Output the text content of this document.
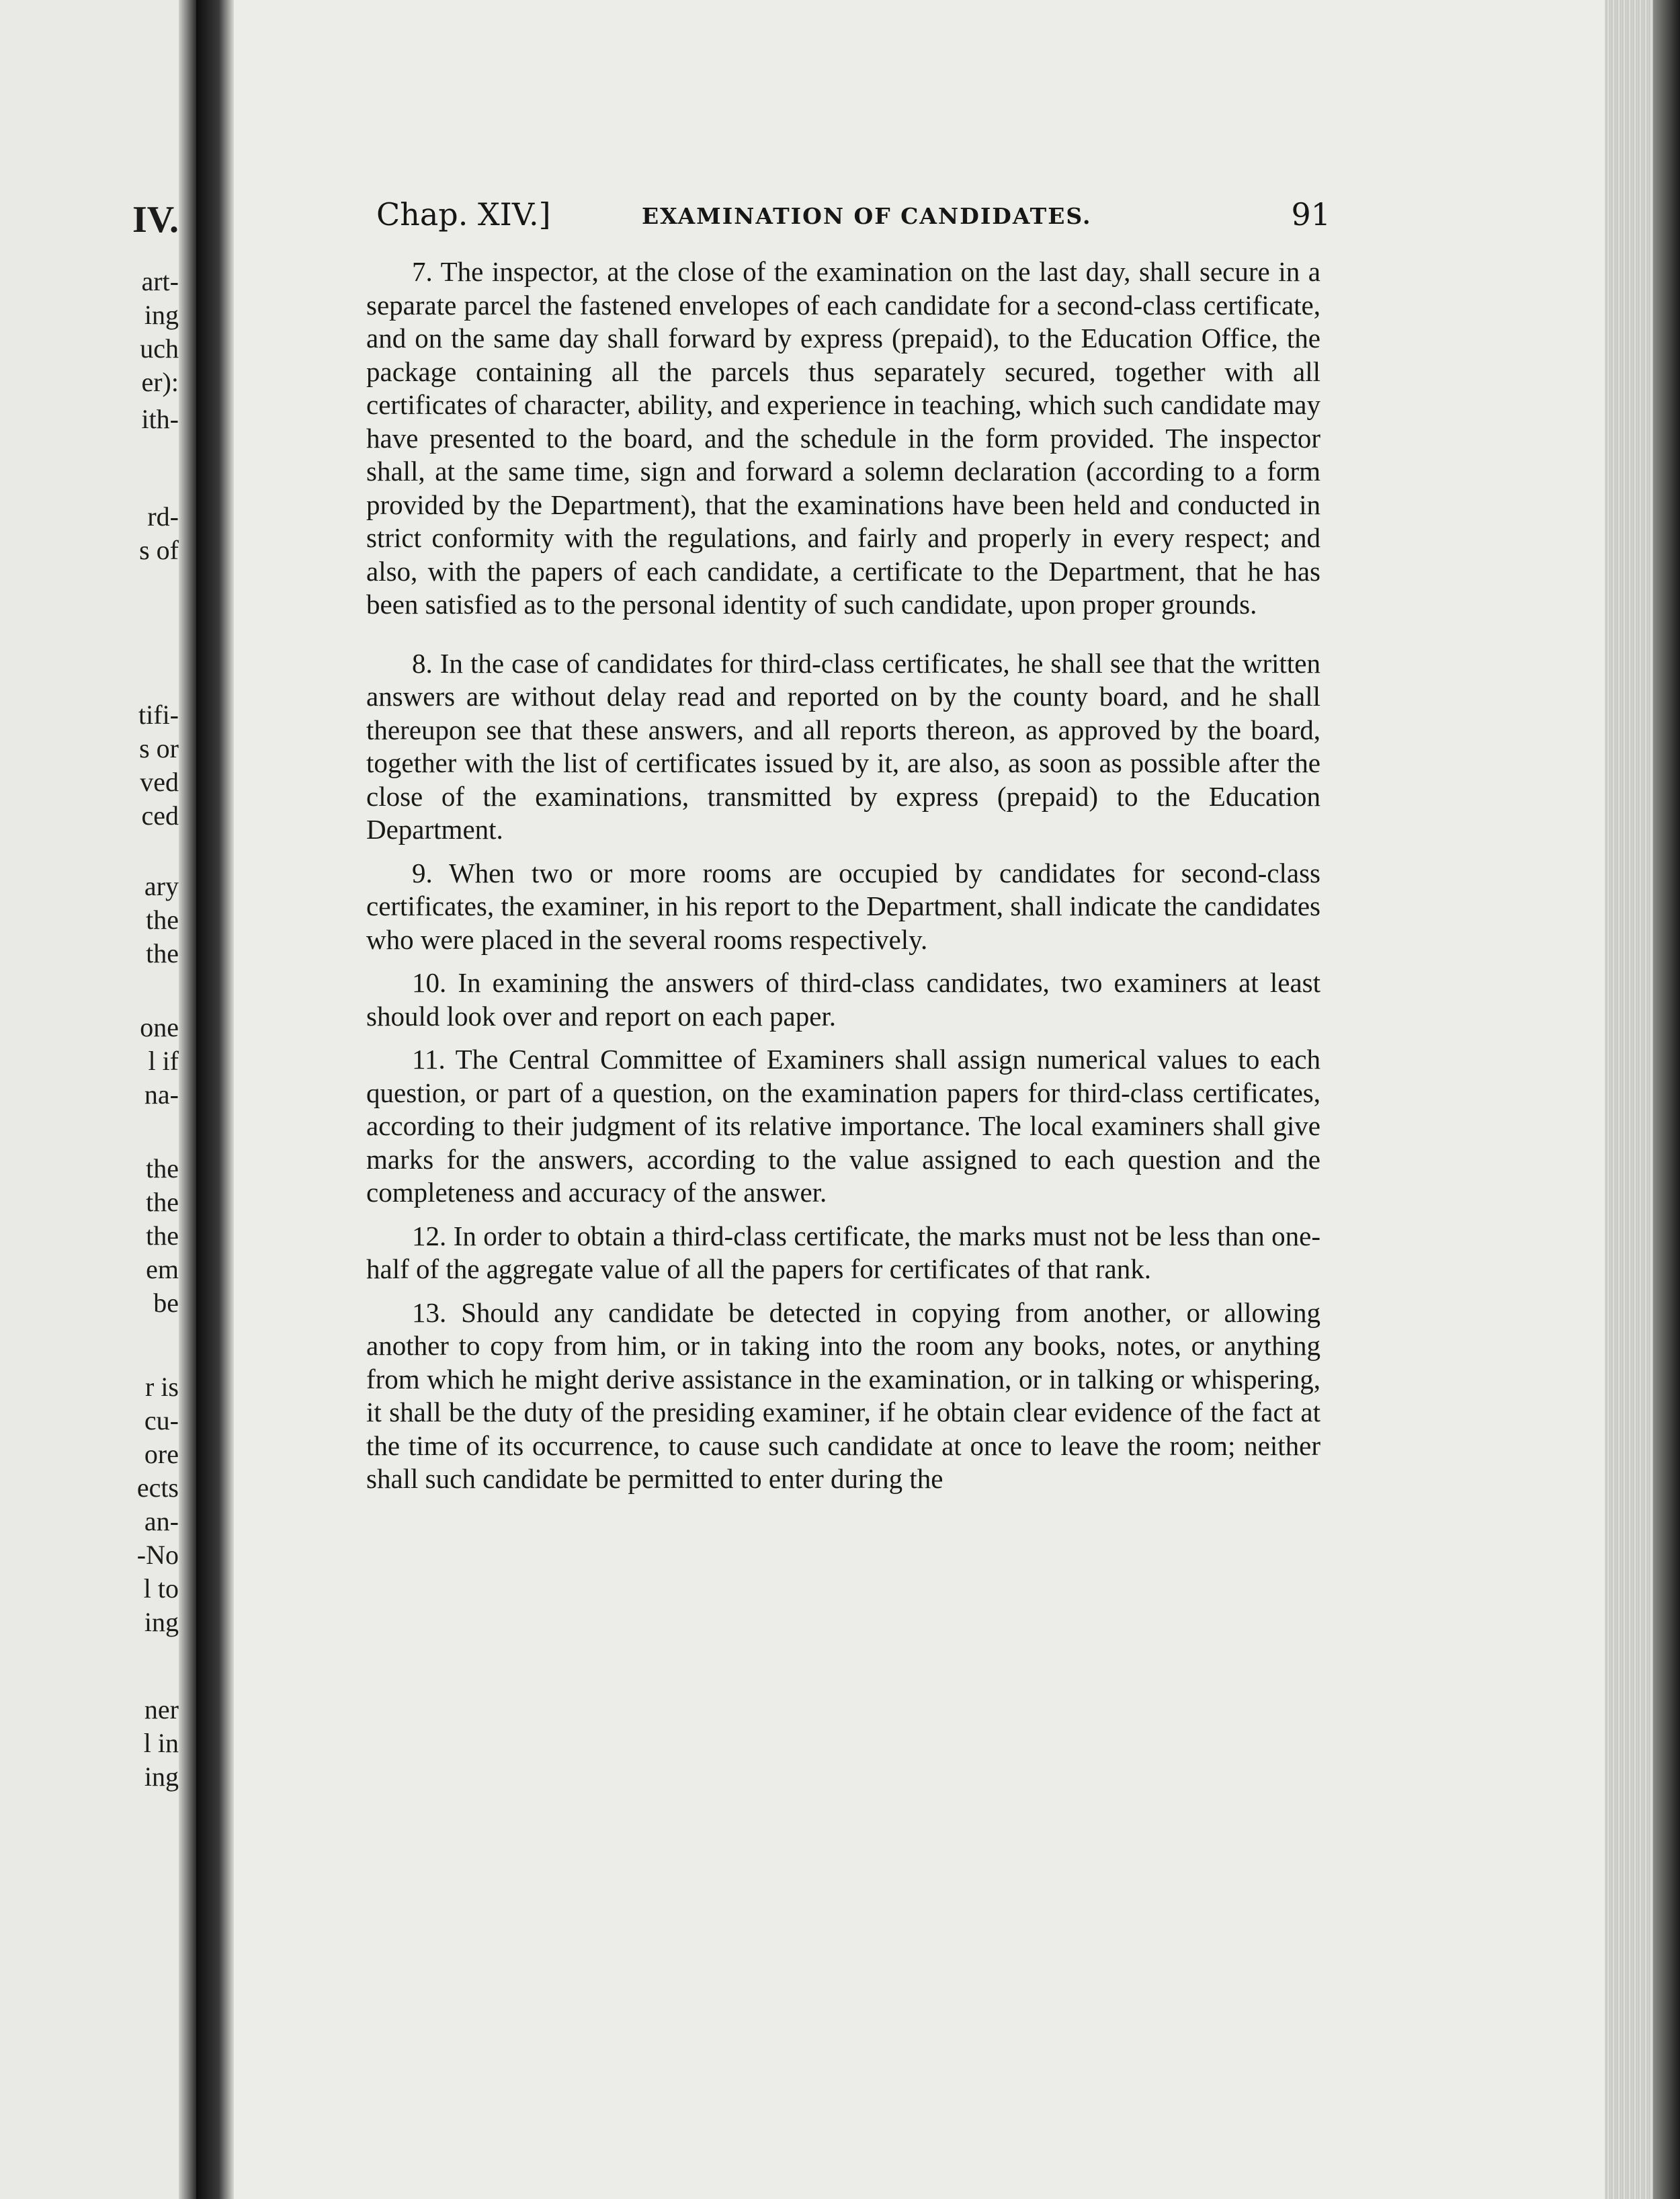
IV.
art-
ing
uch
er):
ith-
rd-
s of
tifi-
s or
ved
ced
ary
the
the
one
l if
na-
the
the
the
em
be
r is
cu-
ore
ects
an-
-No
l to
ing
ner
l in
ing
Chap. XIV.]	EXAMINATION OF CANDIDATES.	91

7. The inspector, at the close of the examination on the last day, shall secure in a separate parcel the fastened envelopes of each candidate for a second-class certificate, and on the same day shall forward by express (prepaid), to the Education Office, the package containing all the parcels thus separately secured, together with all certificates of character, ability, and experience in teaching, which such candidate may have presented to the board, and the schedule in the form provided. The inspector shall, at the same time, sign and forward a solemn declaration (according to a form provided by the Department), that the examinations have been held and conducted in strict conformity with the regulations, and fairly and properly in every respect; and also, with the papers of each candidate, a certificate to the Department, that he has been satisfied as to the personal identity of such candidate, upon proper grounds.

8. In the case of candidates for third-class certificates, he shall see that the written answers are without delay read and reported on by the county board, and he shall thereupon see that these answers, and all reports thereon, as approved by the board, together with the list of certificates issued by it, are also, as soon as possible after the close of the examinations, transmitted by express (prepaid) to the Education Department.

9. When two or more rooms are occupied by candidates for second-class certificates, the examiner, in his report to the Department, shall indicate the candidates who were placed in the several rooms respectively.

10. In examining the answers of third-class candidates, two examiners at least should look over and report on each paper.

11. The Central Committee of Examiners shall assign numerical values to each question, or part of a question, on the examination papers for third-class certificates, according to their judgment of its relative importance. The local examiners shall give marks for the answers, according to the value assigned to each question and the completeness and accuracy of the answer.

12. In order to obtain a third-class certificate, the marks must not be less than one-half of the aggregate value of all the papers for certificates of that rank.

13. Should any candidate be detected in copying from another, or allowing another to copy from him, or in taking into the room any books, notes, or anything from which he might derive assistance in the examination, or in talking or whispering, it shall be the duty of the presiding examiner, if he obtain clear evidence of the fact at the time of its occurrence, to cause such candidate at once to leave the room; neither shall such candidate be permitted to enter during the
